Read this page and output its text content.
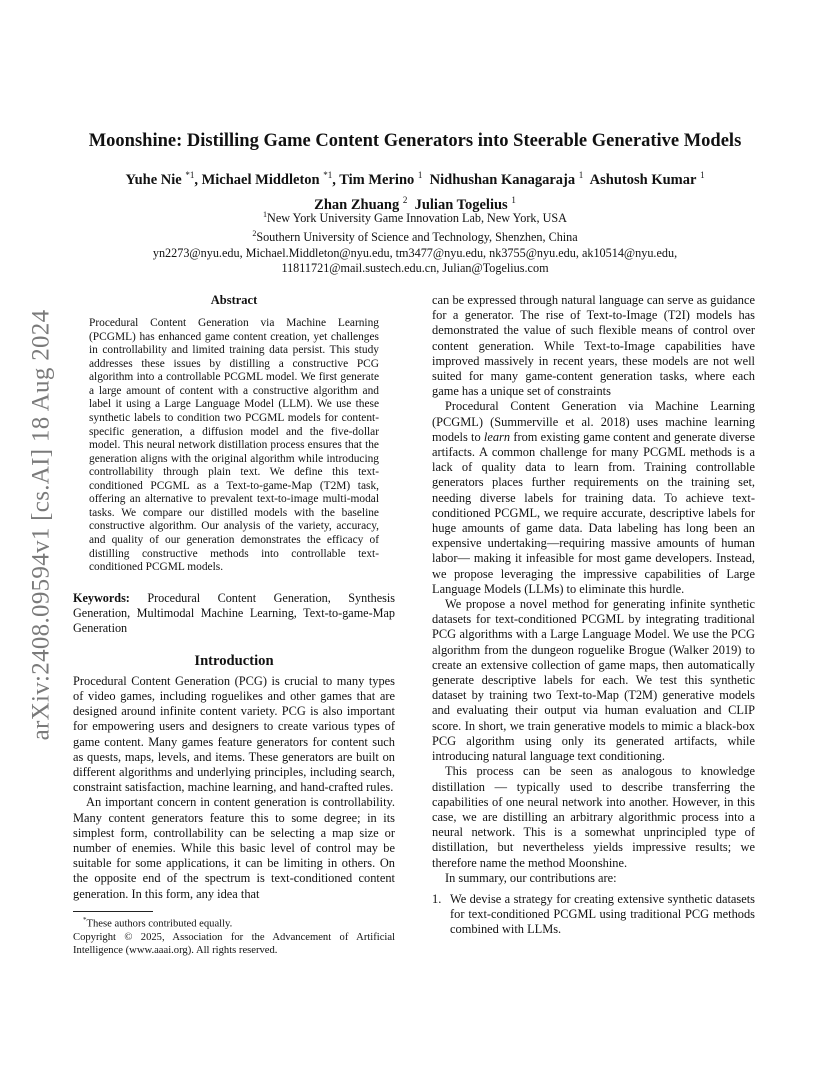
arXiv:2408.09594v1 [cs.AI] 18 Aug 2024
Moonshine: Distilling Game Content Generators into Steerable Generative Models
Yuhe Nie $^{*1}$, Michael Middleton $^{*1}$, Tim Merino $^1$ Nidhushan Kanagaraja $^1$ Ashutosh Kumar $^1$
Zhan Zhuang $^2$ Julian Togelius $^1$
$^1$New York University Game Innovation Lab, New York, USA
$^2$Southern University of Science and Technology, Shenzhen, China
yn2273@nyu.edu, Michael.Middleton@nyu.edu, tm3477@nyu.edu, nk3755@nyu.edu, ak10514@nyu.edu,
11811721@mail.sustech.edu.cn, Julian@Togelius.com
Abstract

Procedural Content Generation via Machine Learning (PCGML) has enhanced game content creation, yet challenges in controllability and limited training data persist. This study addresses these issues by distilling a constructive PCG algorithm into a controllable PCGML model. We first generate a large amount of content with a constructive algorithm and label it using a Large Language Model (LLM). We use these synthetic labels to condition two PCGML models for content-specific generation, a diffusion model and the five-dollar model. This neural network distillation process ensures that the generation aligns with the original algorithm while introducing controllability through plain text. We define this text-conditioned PCGML as a Text-to-game-Map (T2M) task, offering an alternative to prevalent text-to-image multi-modal tasks. We compare our distilled models with the baseline constructive algorithm. Our analysis of the variety, accuracy, and quality of our generation demonstrates the efficacy of distilling constructive methods into controllable text-conditioned PCGML models.

Keywords: Procedural Content Generation, Synthesis Generation, Multimodal Machine Learning, Text-to-game-Map Generation

Introduction

Procedural Content Generation (PCG) is crucial to many types of video games, including roguelikes and other games that are designed around infinite content variety. PCG is also important for empowering users and designers to create various types of game content. Many games feature generators for content such as quests, maps, levels, and items. These generators are built on different algorithms and underlying principles, including search, constraint satisfaction, machine learning, and hand-crafted rules.

An important concern in content generation is controllability. Many content generators feature this to some degree; in its simplest form, controllability can be selecting a map size or number of enemies. While this basic level of control may be suitable for some applications, it can be limiting in others. On the opposite end of the spectrum is text-conditioned content generation. In this form, any idea that

*These authors contributed equally.

Copyright © 2025, Association for the Advancement of Artificial Intelligence (www.aaai.org). All rights reserved.

can be expressed through natural language can serve as guidance for a generator. The rise of Text-to-Image (T2I) models has demonstrated the value of such flexible means of control over content generation. While Text-to-Image capabilities have improved massively in recent years, these models are not well suited for many game-content generation tasks, where each game has a unique set of constraints

Procedural Content Generation via Machine Learning (PCGML) (Summerville et al. 2018) uses machine learning models to learn from existing game content and generate diverse artifacts. A common challenge for many PCGML methods is a lack of quality data to learn from. Training controllable generators places further requirements on the training set, needing diverse labels for training data. To achieve text-conditioned PCGML, we require accurate, descriptive labels for huge amounts of game data. Data labeling has long been an expensive undertaking—requiring massive amounts of human labor— making it infeasible for most game developers. Instead, we propose leveraging the impressive capabilities of Large Language Models (LLMs) to eliminate this hurdle.

We propose a novel method for generating infinite synthetic datasets for text-conditioned PCGML by integrating traditional PCG algorithms with a Large Language Model. We use the PCG algorithm from the dungeon roguelike Brogue (Walker 2019) to create an extensive collection of game maps, then automatically generate descriptive labels for each. We test this synthetic dataset by training two Text-to-Map (T2M) generative models and evaluating their output via human evaluation and CLIP score. In short, we train generative models to mimic a black-box PCG algorithm using only its generated artifacts, while introducing natural language text conditioning.

This process can be seen as analogous to knowledge distillation — typically used to describe transferring the capabilities of one neural network into another. However, in this case, we are distilling an arbitrary algorithmic process into a neural network. This is a somewhat unprincipled type of distillation, but nevertheless yields impressive results; we therefore name the method Moonshine.

In summary, our contributions are:

1. We devise a strategy for creating extensive synthetic datasets for text-conditioned PCGML using traditional PCG methods combined with LLMs.
